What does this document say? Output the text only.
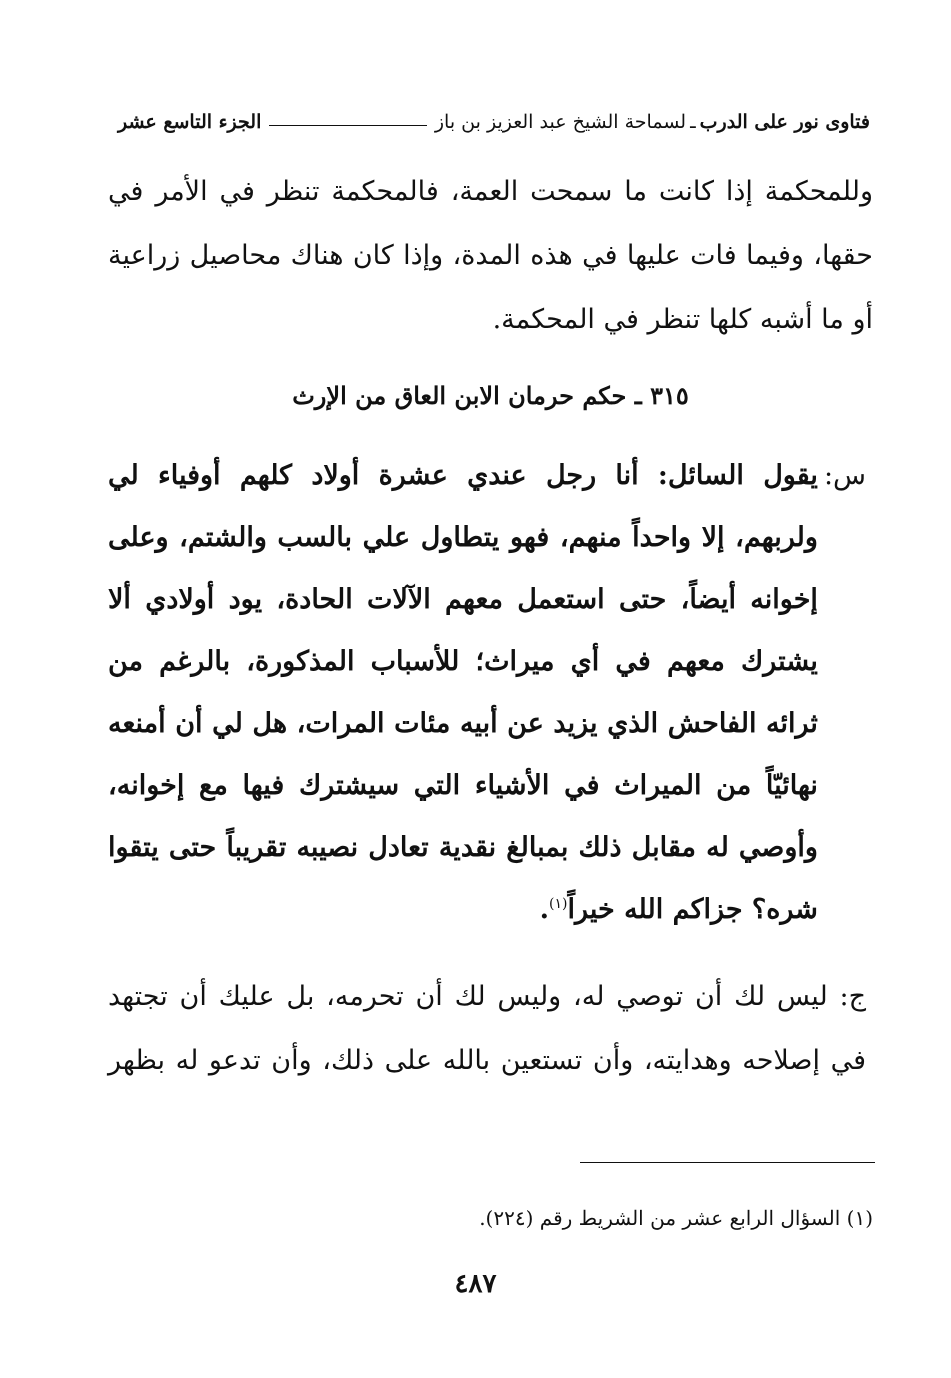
فتاوى نور على الدرب
ـ
لسماحة الشيخ عبد العزيز بن باز
الجزء التاسع عشر
وللمحكمة إذا كانت ما سمحت العمة، فالمحكمة تنظر في الأمر في حقها، وفيما فات عليها في هذه المدة، وإذا كان هناك محاصيل زراعية أو ما أشبه كلها تنظر في المحكمة.
٣١٥ ـ حكم حرمان الابن العاق من الإرث
س:
يقول السائل: أنا رجل عندي عشرة أولاد كلهم أوفياء لي ولربهم، إلا واحداً منهم، فهو يتطاول علي بالسب والشتم، وعلى إخوانه أيضاً، حتى استعمل معهم الآلات الحادة، يود أولادي ألا يشترك معهم في أي ميراث؛ للأسباب المذكورة، بالرغم من ثرائه الفاحش الذي يزيد عن أبيه مئات المرات، هل لي أن أمنعه نهائيّاً من الميراث في الأشياء التي سيشترك فيها مع إخوانه، وأوصي له مقابل ذلك بمبالغ نقدية تعادل نصيبه تقريباً حتى يتقوا شره؟ جزاكم الله خيراً$^{(١)}$.
ج: ليس لك أن توصي له، وليس لك أن تحرمه، بل عليك أن تجتهد في إصلاحه وهدايته، وأن تستعين بالله على ذلك، وأن تدعو له بظهر
(١) السؤال الرابع عشر من الشريط رقم (٢٢٤).
٤٨٧
